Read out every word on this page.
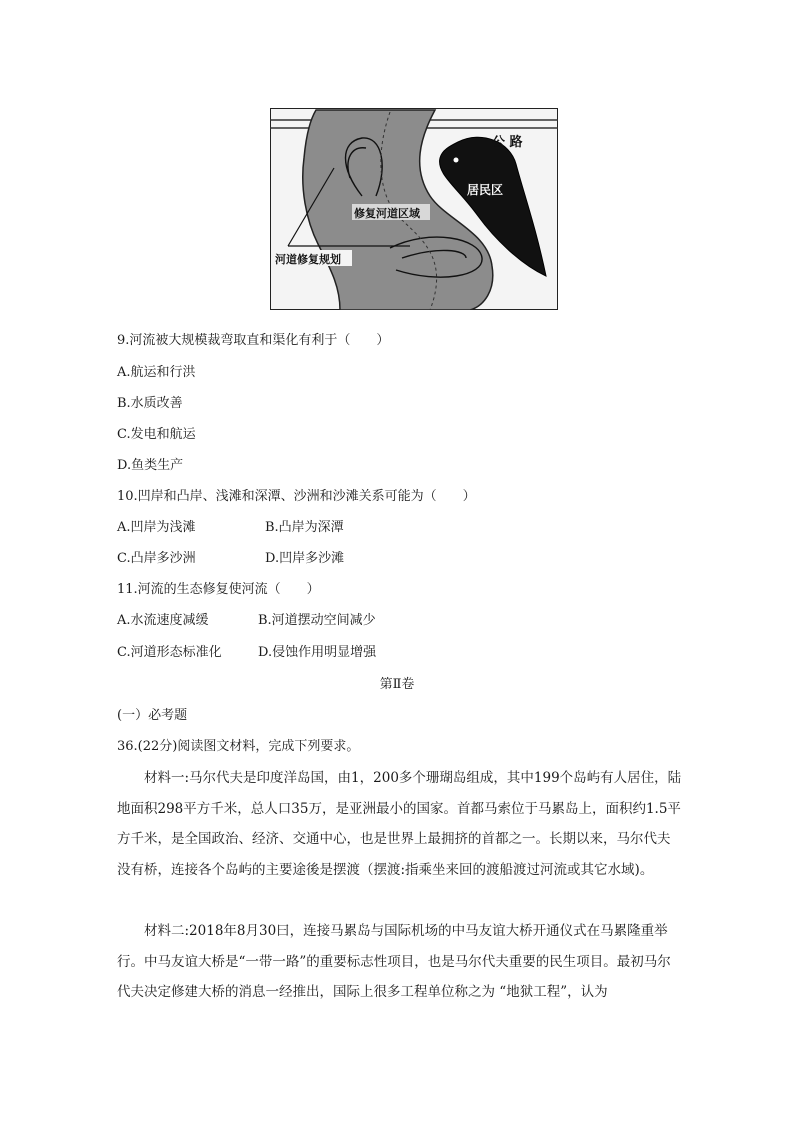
公 路
居民区
修复河道区域
河道修复规划
9.河流被大规模裁弯取直和渠化有利于（　　）
A.航运和行洪
B.水质改善
C.发电和航运
D.鱼类生产
10.凹岸和凸岸、浅滩和深潭、沙洲和沙滩关系可能为（　　）
A.凹岸为浅滩	B.凸岸为深潭
C.凸岸多沙洲	D.凹岸多沙滩
11.河流的生态修复使河流（　　）
A.水流速度减缓	B.河道摆动空间减少
C.河道形态标准化	D.侵蚀作用明显增强
第Ⅱ卷
(一）必考题
36.(22分)阅读图文材料，完成下列要求。

材料一:马尔代夫是印度洋岛国，由1，200多个珊瑚岛组成，其中199个岛屿有人居住，陆地面积298平方千米，总人口35万，是亚洲最小的国家。首都马索位于马累岛上，面积约1.5平方千米，是全国政治、经济、交通中心，也是世界上最拥挤的首都之一。长期以来，马尔代夫没有桥，连接各个岛屿的主要途後是摆渡（摆渡:指乘坐来回的渡船渡过河流或其它水域)。

材料二:2018年8月30曰，连接马累岛与国际机场的中马友谊大桥开通仪式在马累隆重举行。中马友谊大桥是“一带一路”的重要标志性项目，也是马尔代夫重要的民生项目。最初马尔代夫决定修建大桥的消息一经推出，国际上很多工程单位称之为 “地狱工程”，认为
